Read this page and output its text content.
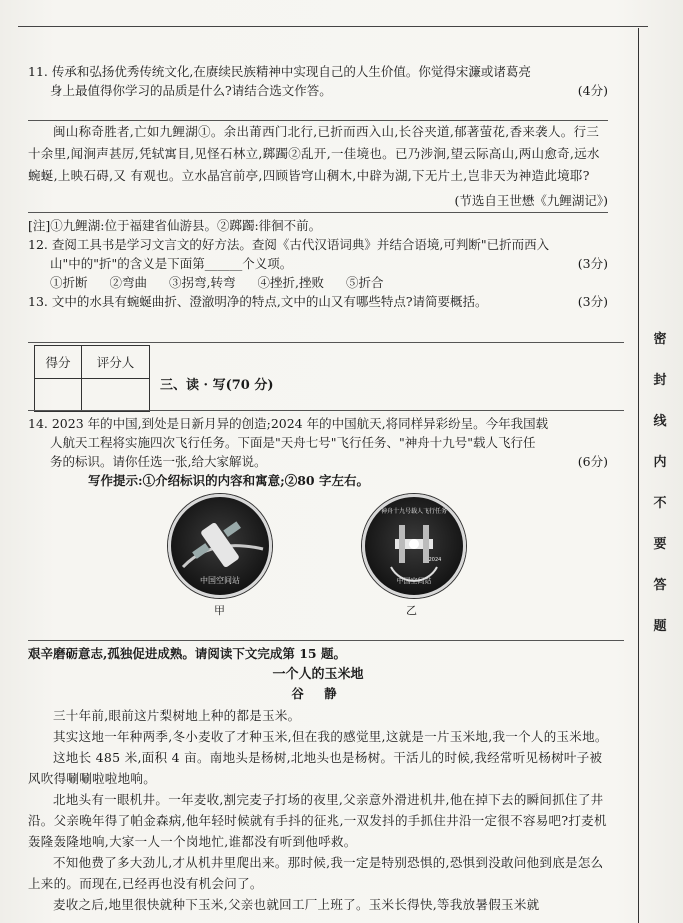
密
封
线
内
不
要
答
题
11. 传承和弘扬优秀传统文化,在赓续民族精神中实现自己的人生价值。你觉得宋濂或诸葛亮
身上最值得你学习的品质是什么?请结合选文作答。	(4分)

闽山称奇胜者,亡如九鲤湖①。余出莆西门北行,已折而西入山,长谷夹道,郁著萤花,香来袭人。行三十余里,闻涧声甚厉,凭轼寓目,见怪石林立,踯躅②乱开,一佳境也。已乃涉涧,望云际高山,两山愈奇,远水蜿蜒,上映石碍,又 有观也。立水晶宫前亭,四顾皆穹山稠木,中辟为湖,下无片土,岂非天为神造此境耶?

(节选自王世懋《九鲤湖记》)
[注]①九鲤湖:位于福建省仙游县。②踯躅:徘徊不前。
12. 查阅工具书是学习文言文的好方法。查阅《古代汉语词典》并结合语境,可判断"已折而西入
山"中的"折"的含义是下面第______个义项。	(3分)
①折断 ②弯曲 ③拐弯,转弯 ④挫折,挫败 ⑤折合
13. 文中的水具有蜿蜒曲折、澄澈明净的特点,文中的山又有哪些特点?请简要概括。	(3分)
得分	评分人

三、读 · 写(70 分)
14. 2023 年的中国,到处是日新月异的创造;2024 年的中国航天,将同样异彩纷呈。今年我国载
人航天工程将实施四次飞行任务。下面是"天舟七号"飞行任务、"神舟十九号"载人飞行任
务的标识。请你任选一张,给大家解说。	(6分)
写作提示:①介绍标识的内容和寓意;②80 字左右。
中国空间站
甲
神舟十九号载人飞行任务
2024
中国空间站
乙
艰辛磨砺意志,孤独促进成熟。请阅读下文完成第 15 题。
一个人的玉米地
谷 静

三十年前,眼前这片梨树地上种的都是玉米。

其实这地一年种两季,冬小麦收了才种玉米,但在我的感觉里,这就是一片玉米地,我一个人的玉米地。

这地长 485 米,面积 4 亩。南地头是杨树,北地头也是杨树。干活儿的时候,我经常听见杨树叶子被风吹得唰唰啦啦地响。

北地头有一眼机井。一年麦收,割完麦子打场的夜里,父亲意外滑进机井,他在掉下去的瞬间抓住了井沿。父亲晚年得了帕金森病,他年轻时候就有手抖的征兆,一双发抖的手抓住井沿一定很不容易吧?打麦机轰隆轰隆地响,大家一人一个岗地忙,谁都没有听到他呼救。

不知他费了多大劲儿,才从机井里爬出来。那时候,我一定是特别恐惧的,恐惧到没敢问他到底是怎么上来的。而现在,已经再也没有机会问了。

麦收之后,地里很快就种下玉米,父亲也就回工厂上班了。玉米长得快,等我放暑假玉米就
